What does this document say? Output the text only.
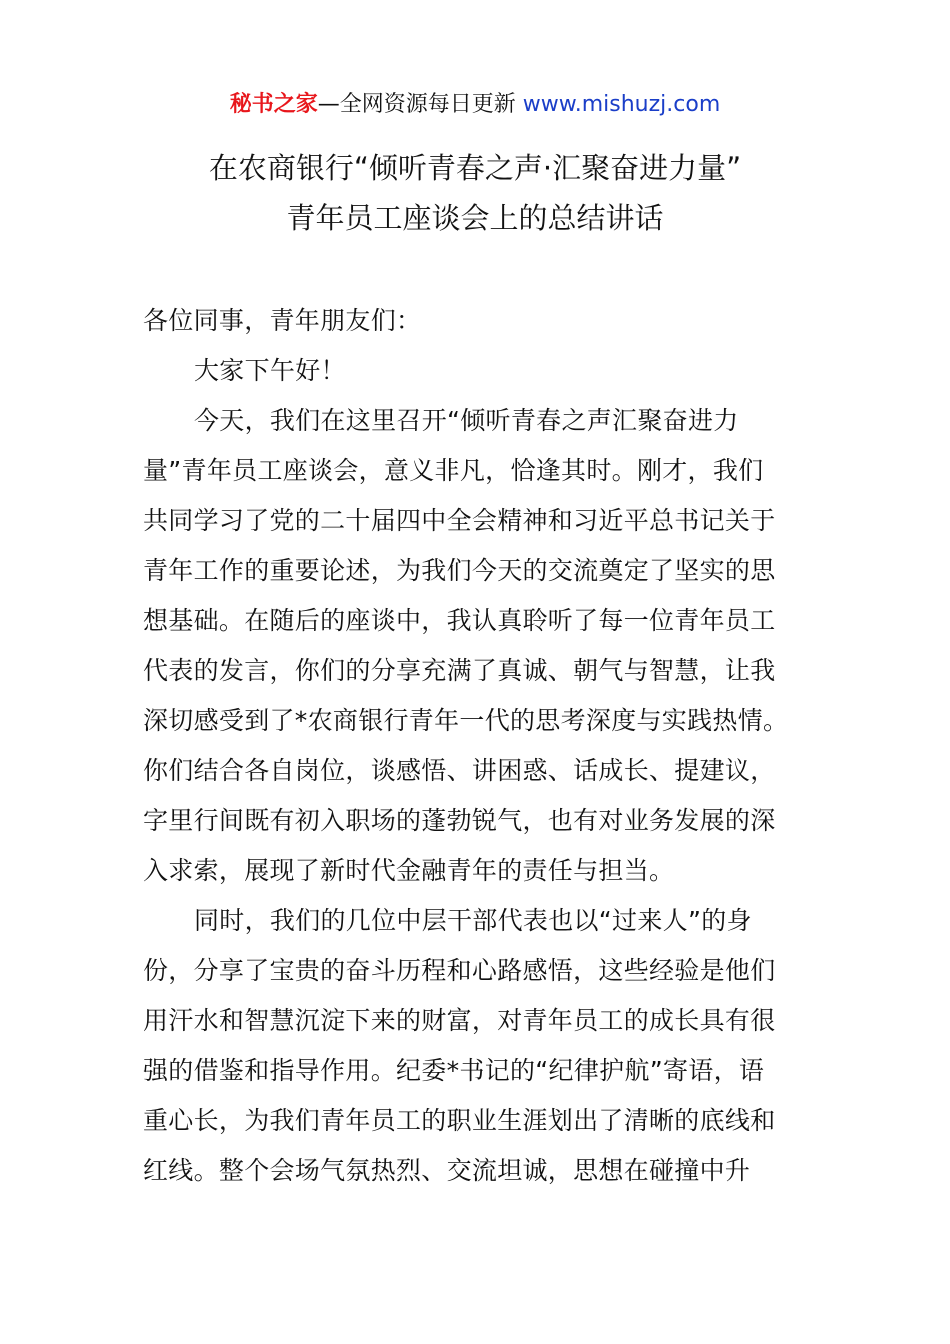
秘书之家—全网资源每日更新 www.mishuzj.com
在农商银行“倾听青春之声·汇聚奋进力量”
青年员工座谈会上的总结讲话
各位同事，青年朋友们：
大家下午好！
今天，我们在这里召开“倾听青春之声汇聚奋进力
量”青年员工座谈会，意义非凡，恰逢其时。刚才，我们
共同学习了党的二十届四中全会精神和习近平总书记关于
青年工作的重要论述，为我们今天的交流奠定了坚实的思
想基础。在随后的座谈中，我认真聆听了每一位青年员工
代表的发言，你们的分享充满了真诚、朝气与智慧，让我
深切感受到了*农商银行青年一代的思考深度与实践热情。
你们结合各自岗位，谈感悟、讲困惑、话成长、提建议，
字里行间既有初入职场的蓬勃锐气，也有对业务发展的深
入求索，展现了新时代金融青年的责任与担当。
同时，我们的几位中层干部代表也以“过来人”的身
份，分享了宝贵的奋斗历程和心路感悟，这些经验是他们
用汗水和智慧沉淀下来的财富，对青年员工的成长具有很
强的借鉴和指导作用。纪委*书记的“纪律护航”寄语，语
重心长，为我们青年员工的职业生涯划出了清晰的底线和
红线。整个会场气氛热烈、交流坦诚，思想在碰撞中升
